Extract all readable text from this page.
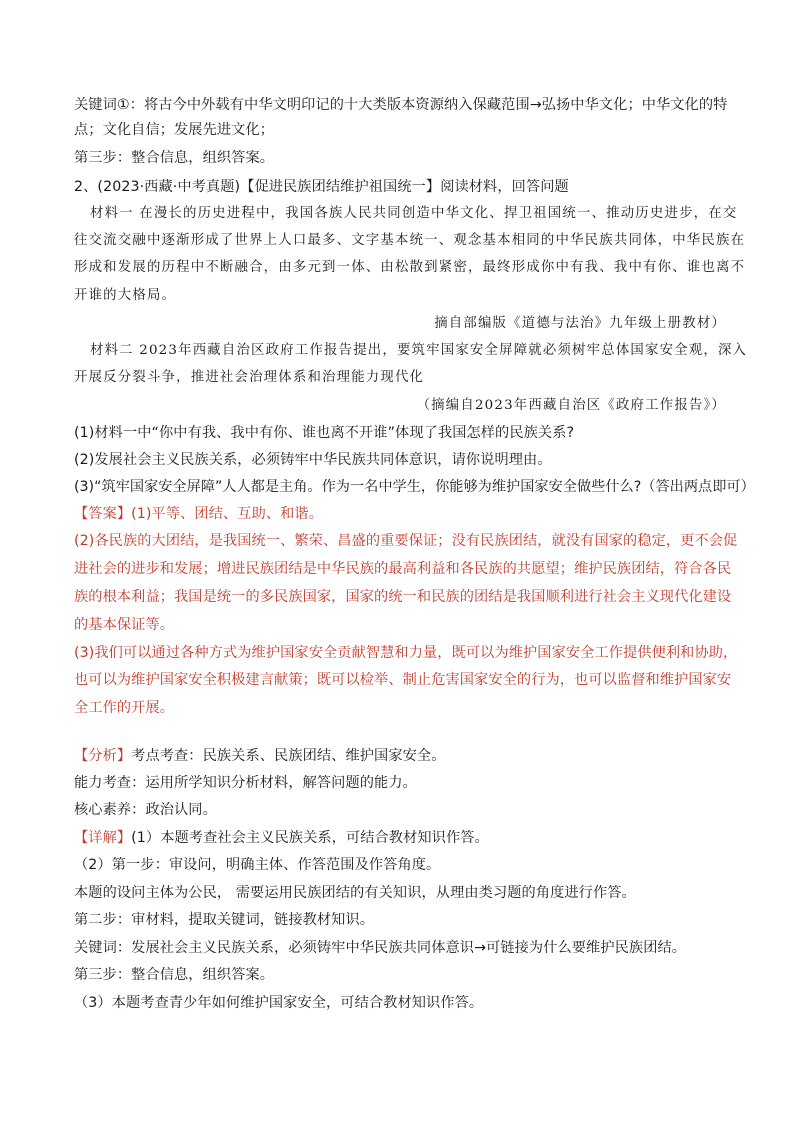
关键词①：将古今中外载有中华文明印记的十大类版本资源纳入保藏范围→弘扬中华文化；中华文化的特
点；文化自信；发展先进文化；
第三步：整合信息，组织答案。
2、(2023·西藏·中考真题)【促进民族团结维护祖国统一】阅读材料，回答问题
材料一 在漫长的历史进程中，我国各族人民共同创造中华文化、捍卫祖国统一、推动历史进步，在交
往交流交融中逐渐形成了世界上人口最多、文字基本统一、观念基本相同的中华民族共同体，中华民族在
形成和发展的历程中不断融合，由多元到一体、由松散到紧密，最终形成你中有我、我中有你、谁也离不
开谁的大格局。
摘自部编版《道德与法治》九年级上册教材）
材料二 2023年西藏自治区政府工作报告提出，要筑牢国家安全屏障就必须树牢总体国家安全观，深入
开展反分裂斗争，推进社会治理体系和治理能力现代化
（摘编自2023年西藏自治区《政府工作报告》）
(1)材料一中“你中有我、我中有你、谁也离不开谁”体现了我国怎样的民族关系?
(2)发展社会主义民族关系，必须铸牢中华民族共同体意识，请你说明理由。
(3)“筑牢国家安全屏障”人人都是主角。作为一名中学生，你能够为维护国家安全做些什么?（答出两点即可）
【答案】(1)平等、团结、互助、和谐。
(2)各民族的大团结，是我国统一、繁荣、昌盛的重要保证；没有民族团结，就没有国家的稳定，更不会促
进社会的进步和发展；增进民族团结是中华民族的最高利益和各民族的共愿望；维护民族团结，符合各民
族的根本利益；我国是统一的多民族国家，国家的统一和民族的团结是我国顺利进行社会主义现代化建设
的基本保证等。
(3)我们可以通过各种方式为维护国家安全贡献智慧和力量，既可以为维护国家安全工作提供便利和协助，
也可以为维护国家安全积极建言献策；既可以检举、制止危害国家安全的行为，也可以监督和维护国家安
全工作的开展。
【分析】考点考查：民族关系、民族团结、维护国家安全。
能力考查：运用所学知识分析材料，解答问题的能力。
核心素养：政治认同。
【详解】(1）本题考查社会主义民族关系，可结合教材知识作答。
（2）第一步：审设问，明确主体、作答范围及作答角度。
本题的设问主体为公民， 需要运用民族团结的有关知识，从理由类习题的角度进行作答。
第二步：审材料，提取关键词，链接教材知识。
关键词：发展社会主义民族关系，必须铸牢中华民族共同体意识→可链接为什么要维护民族团结。
第三步：整合信息，组织答案。
（3）本题考查青少年如何维护国家安全，可结合教材知识作答。
